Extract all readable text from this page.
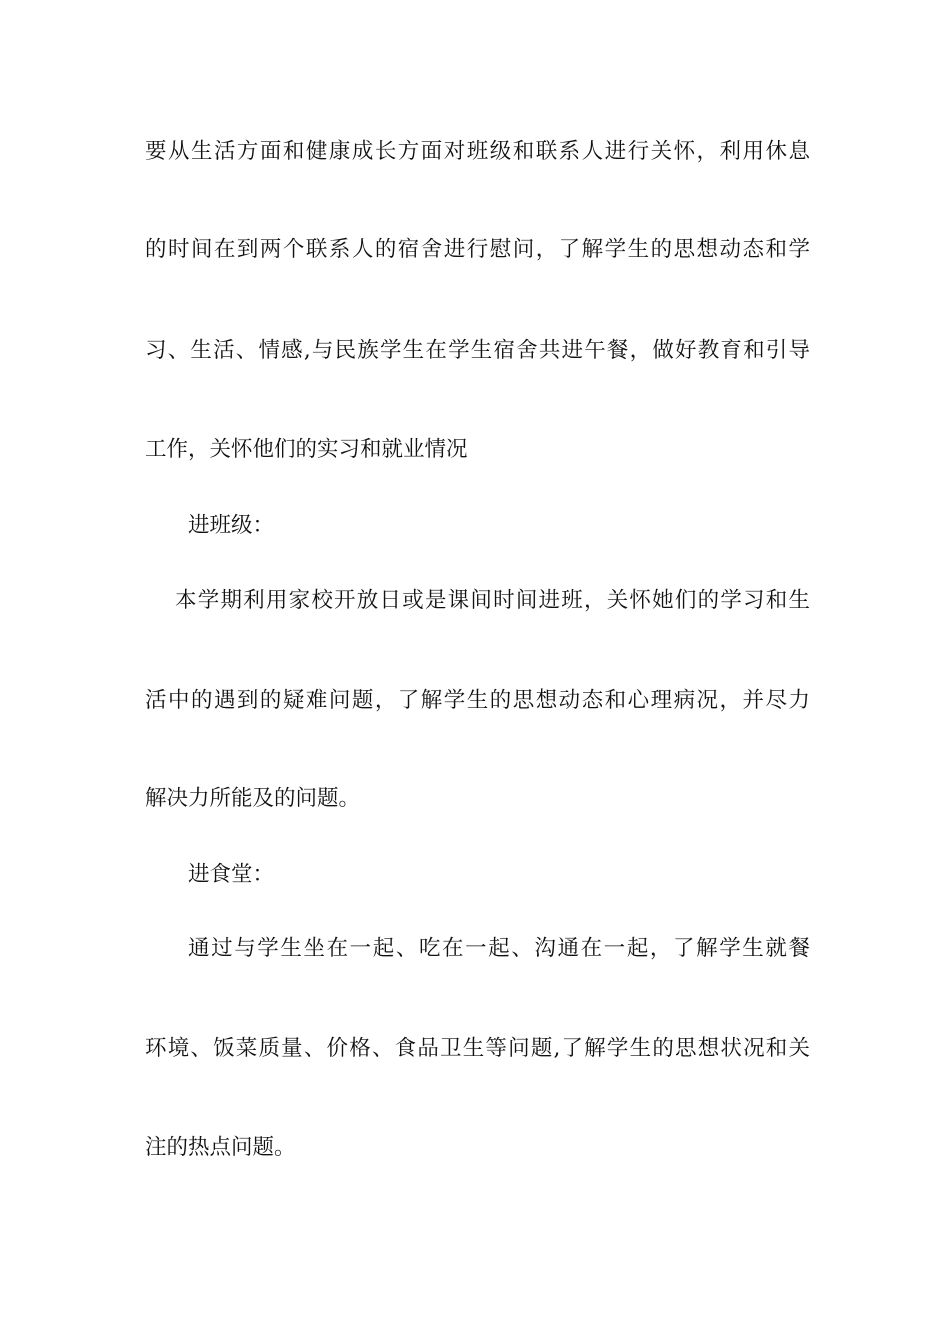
要从生活方面和健康成长方面对班级和联系人进行关怀，利用休息
的时间在到两个联系人的宿舍进行慰问，了解学生的思想动态和学
习、生活、情感,与民族学生在学生宿舍共进午餐，做好教育和引导
工作，关怀他们的实习和就业情况
进班级：
本学期利用家校开放日或是课间时间进班，关怀她们的学习和生
活中的遇到的疑难问题，了解学生的思想动态和心理病况，并尽力
解决力所能及的问题。
进食堂：
通过与学生坐在一起、吃在一起、沟通在一起，了解学生就餐
环境、饭菜质量、价格、食品卫生等问题,了解学生的思想状况和关
注的热点问题。
